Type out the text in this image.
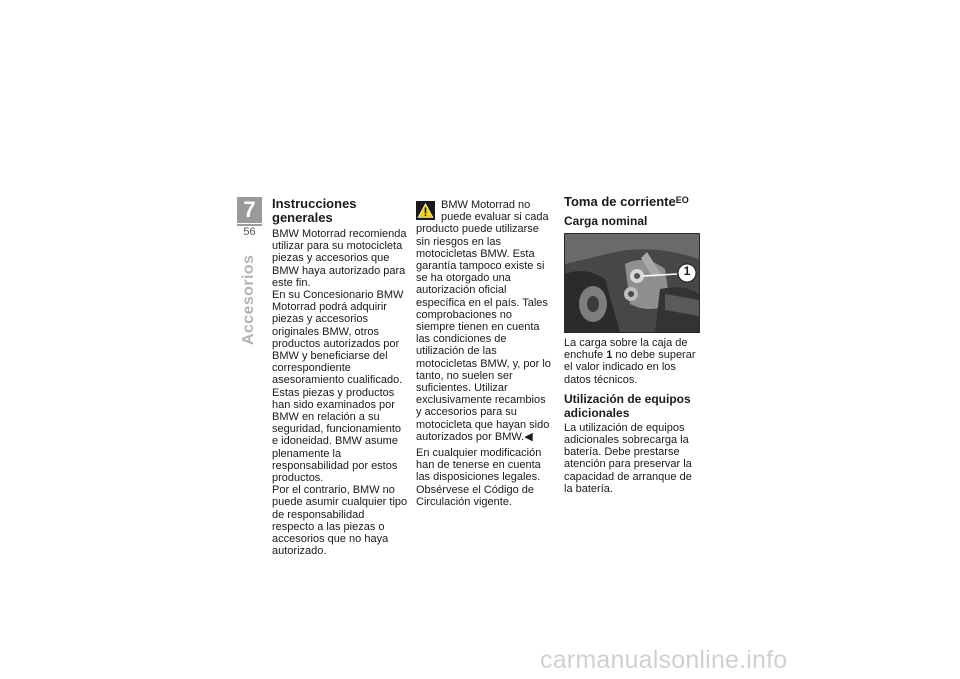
7
56
Accesorios
Instrucciones generales

BMW Motorrad recomienda utilizar para su motocicleta piezas y accesorios que BMW haya autorizado para este fin.

En su Concesionario BMW Motorrad podrá adquirir piezas y accesorios originales BMW, otros productos autorizados por BMW y beneficiarse del correspondiente asesoramiento cualificado.

Estas piezas y productos han sido examinados por BMW en relación a su seguridad, funcionamiento e idoneidad. BMW asume plenamente la responsabilidad por estos productos.

Por el contrario, BMW no puede asumir cualquier tipo de responsabilidad respecto a las piezas o accesorios que no haya autorizado.

BMW Motorrad no puede evaluar si cada producto puede utilizarse sin riesgos en las motocicletas BMW. Esta garantía tampoco existe si se ha otorgado una autorización oficial específica en el país. Tales comprobaciones no siempre tienen en cuenta las condiciones de utilización de las motocicletas BMW, y, por lo tanto, no suelen ser suficientes. Utilizar exclusivamente recambios y accesorios para su motocicleta que hayan sido autorizados por BMW.◀

En cualquier modificación han de tenerse en cuenta las disposiciones legales. Obsérvese el Código de Circulación vigente.

Toma de corriente$^{EO}$
Carga nominal
1

La carga sobre la caja de enchufe 1 no debe superar el valor indicado en los datos técnicos.

Utilización de equipos adicionales

La utilización de equipos adicionales sobrecarga la batería. Debe prestarse atención para preservar la capacidad de arranque de la batería.

carmanualsonline.info
